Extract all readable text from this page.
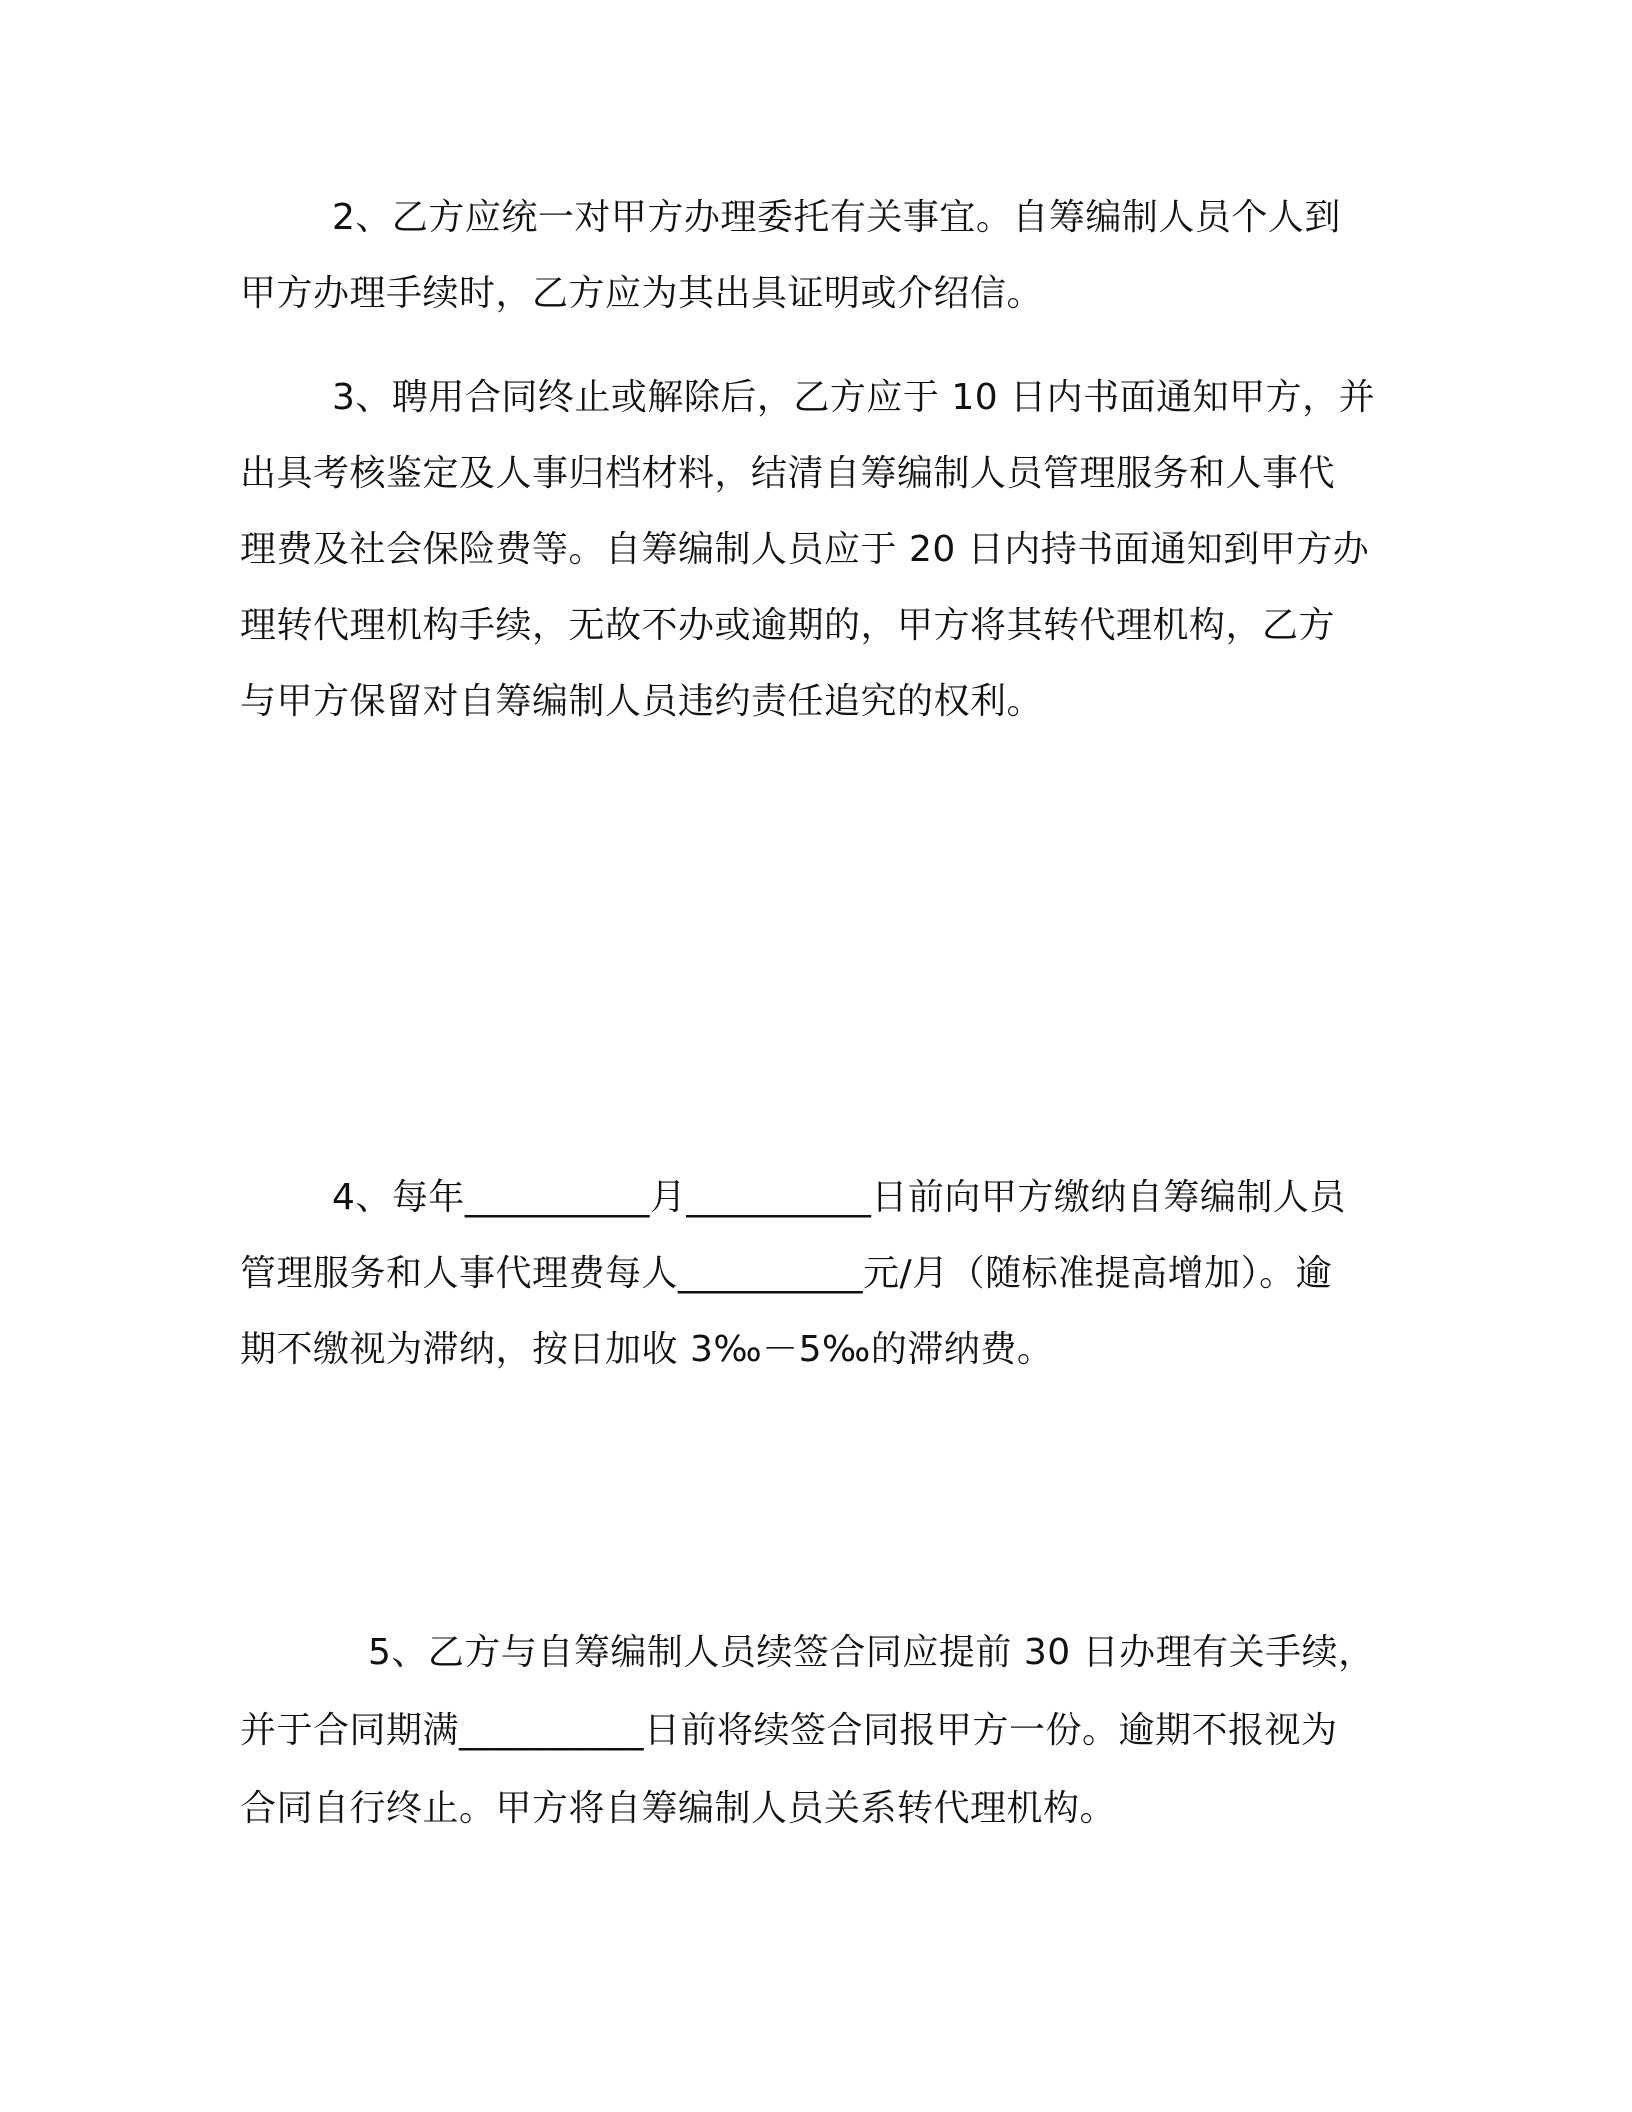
2、乙方应统一对甲方办理委托有关事宜。自筹编制人员个人到
甲方办理手续时，乙方应为其出具证明或介绍信。
3、聘用合同终止或解除后，乙方应于 10 日内书面通知甲方，并
出具考核鉴定及人事归档材料，结清自筹编制人员管理服务和人事代
理费及社会保险费等。自筹编制人员应于 20 日内持书面通知到甲方办
理转代理机构手续，无故不办或逾期的，甲方将其转代理机构，乙方
与甲方保留对自筹编制人员违约责任追究的权利。
4、每年__________月__________日前向甲方缴纳自筹编制人员
管理服务和人事代理费每人__________元/月（随标准提高增加）。逾
期不缴视为滞纳，按日加收 3‰－5‰的滞纳费。
5、乙方与自筹编制人员续签合同应提前 30 日办理有关手续，
并于合同期满__________日前将续签合同报甲方一份。逾期不报视为
合同自行终止。甲方将自筹编制人员关系转代理机构。
